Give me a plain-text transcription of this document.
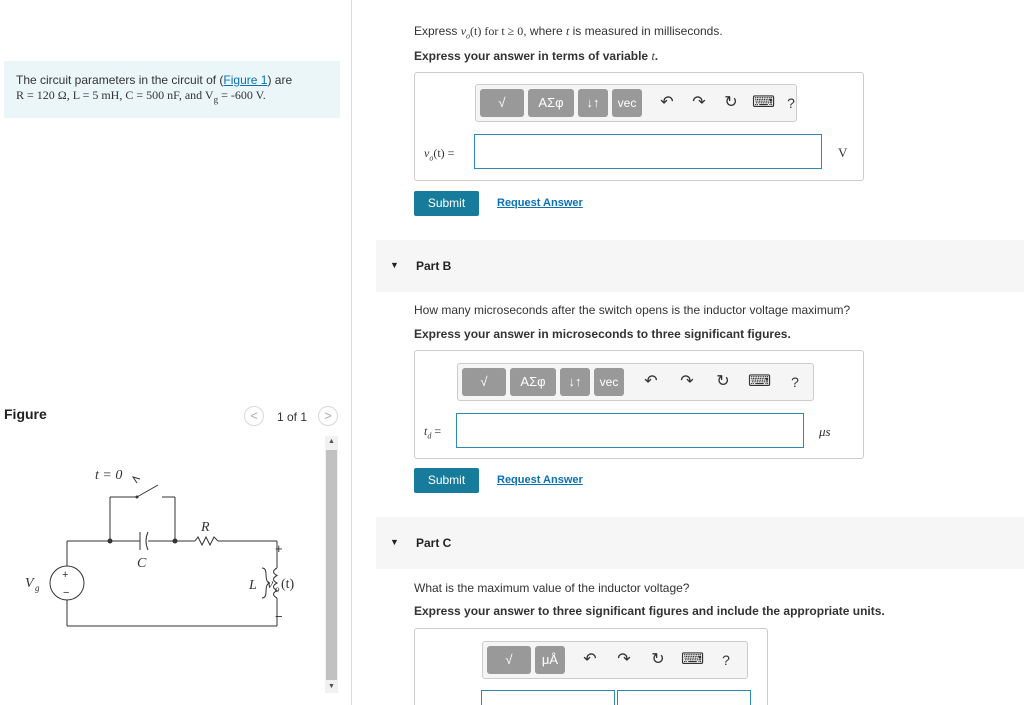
The circuit parameters in the circuit of (Figure 1) are
R = 120 Ω, L = 5 mH, C = 500 nF, and $V_g = -600$ V.
Figure	<	1 of 1	>
t = 0
R
C
L
V g	v o (t)
+
−
+
−
▲
▼
Express $v_o(t)$ for t ≥ 0, where t is measured in milliseconds.
Express your answer in terms of variable t.
√	ΑΣφ	↓↑	vec	↶ ↷ ↻ ⌨ ?
$v_o(t)$ =	V
Submit	Request Answer
▼ Part B
How many microseconds after the switch opens is the inductor voltage maximum?
Express your answer in microseconds to three significant figures.
√	ΑΣφ	↓↑	vec	↶ ↷ ↻ ⌨	?
$t_d$ =	μs
Submit	Request Answer
▼ Part C
What is the maximum value of the inductor voltage?
Express your answer to three significant figures and include the appropriate units.
√	μÅ	↶ ↷ ↻ ⌨	?
